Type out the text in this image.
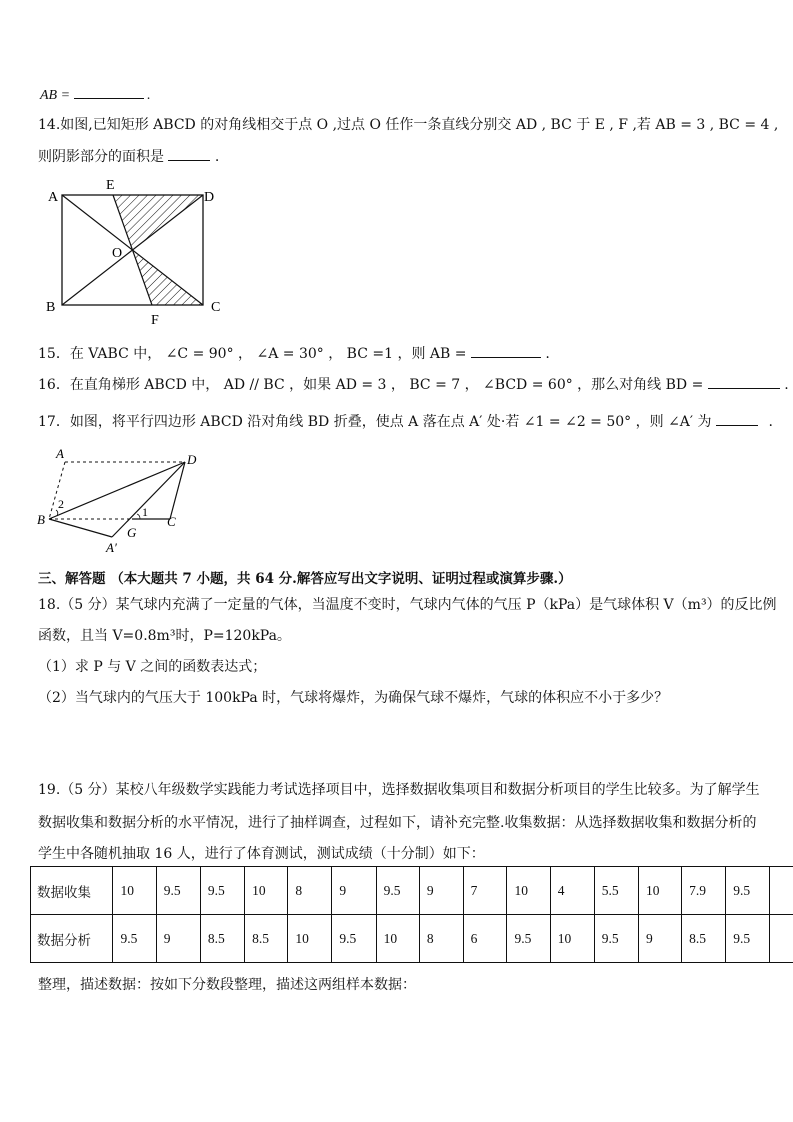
AB =	.
14.如图,已知矩形 ABCD 的对角线相交于点 O ,过点 O 任作一条直线分别交 AD , BC 于 E , F ,若 AB = 3 , BC = 4 ,
则阴影部分的面积是	.
A
E
D
O
B
F
C
15．在 VABC 中， ∠C = 90° ， ∠A = 30° ， BC =1 ，则 AB =	.
16．在直角梯形 ABCD 中， AD // BC ，如果 AD = 3 ， BC = 7 ， ∠BCD = 60° ，那么对角线 BD =	.
17．如图，将平行四边形 ABCD 沿对角线 BD 折叠，使点 A 落在点 A′ 处·若 ∠1 = ∠2 = 50° ，则 ∠A′ 为	.
A	D
B	C
G
A′
1
2
三、解答题 （本大题共 7 小题，共 64 分.解答应写出文字说明、证明过程或演算步骤.）
18.（5 分）某气球内充满了一定量的气体，当温度不变时，气球内气体的气压 P（kPa）是气球体积 V（m³）的反比例
函数，且当 V=0.8m³时，P=120kPa。
（1）求 P 与 V 之间的函数表达式；
（2）当气球内的气压大于 100kPa 时，气球将爆炸，为确保气球不爆炸，气球的体积应不小于多少？
19.（5 分）某校八年级数学实践能力考试选择项目中，选择数据收集项目和数据分析项目的学生比较多。为了解学生
数据收集和数据分析的水平情况，进行了抽样调查，过程如下，请补充完整.收集数据：从选择数据收集和数据分析的
学生中各随机抽取 16 人，进行了体育测试，测试成绩（十分制）如下：
数据收集	10	9.5	9.5	10	8	9	9.5	9	7	10	4	5.5	10	7.9	9.5	
数据分析	9.5	9	8.5	8.5	10	9.5	10	8	6	9.5	10	9.5	9	8.5	9.5	
整理，描述数据：按如下分数段整理，描述这两组样本数据：
